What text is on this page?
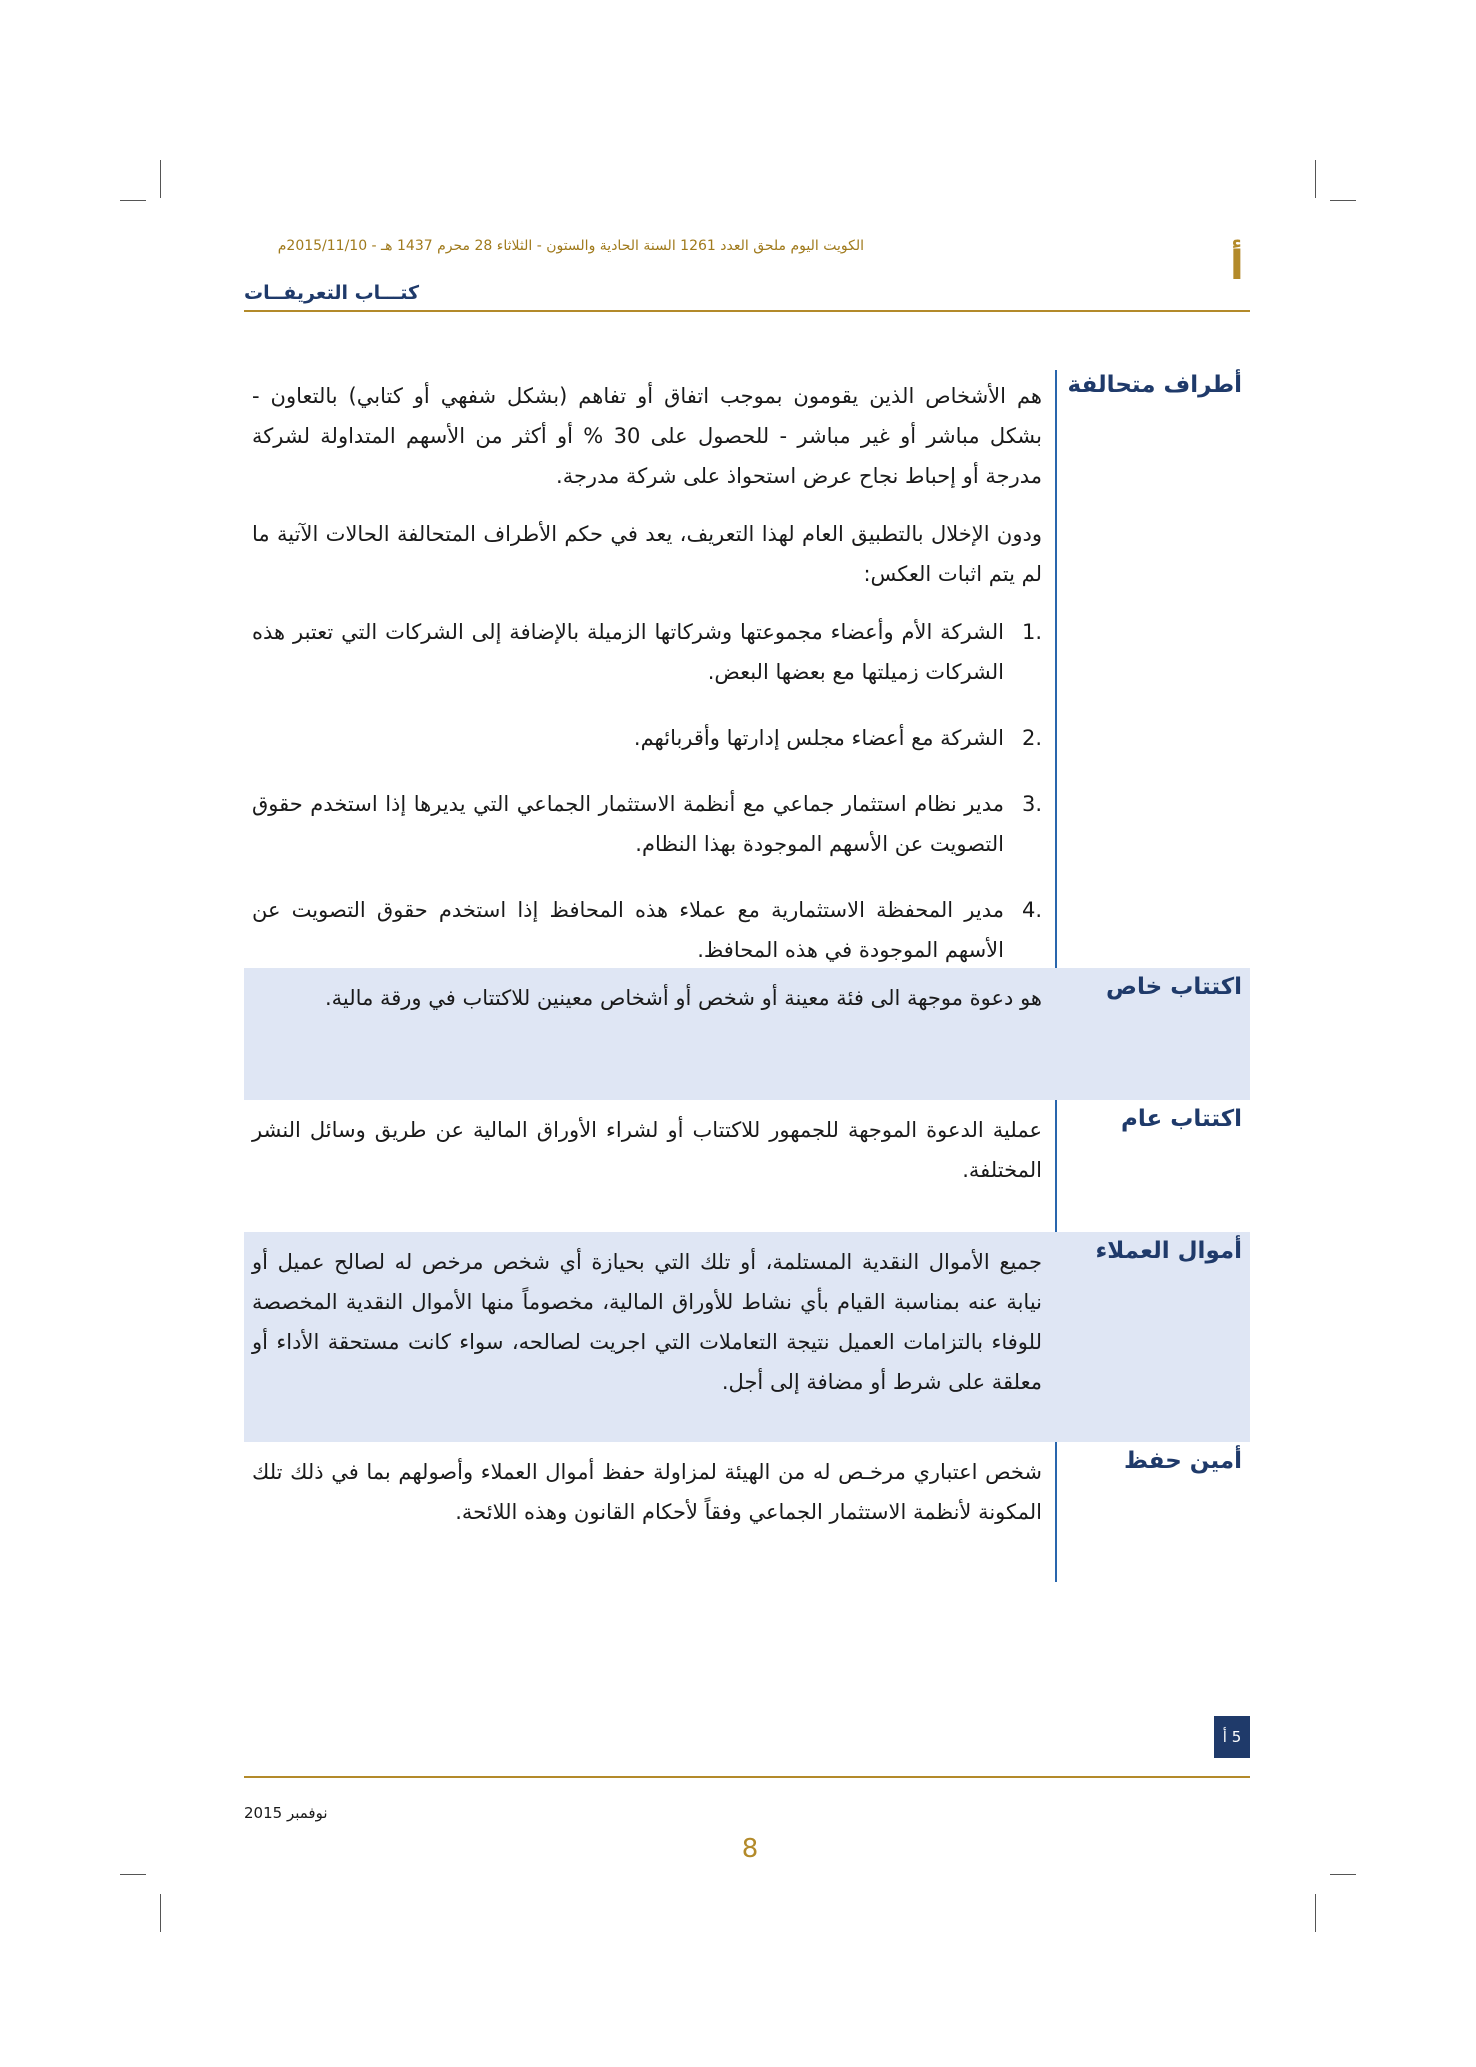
الكويت اليوم ملحق العدد 1261 السنة الحادية والستون - الثلاثاء 28 محرم 1437 هـ - 2015/11/10م	أ
كتـــاب التعريفــات
أطراف متحالفة

هم الأشخاص الذين يقومون بموجب اتفاق أو تفاهم (بشكل شفهي أو كتابي) بالتعاون - بشكل مباشر أو غير مباشر - للحصول على 30 % أو أكثر من الأسهم المتداولة لشركة مدرجة أو إحباط نجاح عرض استحواذ على شركة مدرجة.

ودون الإخلال بالتطبيق العام لهذا التعريف، يعد في حكم الأطراف المتحالفة الحالات الآتية ما لم يتم اثبات العكس:

1.
الشركة الأم وأعضاء مجموعتها وشركاتها الزميلة بالإضافة إلى الشركات التي تعتبر هذه الشركات زميلتها مع بعضها البعض.
2.
الشركة مع أعضاء مجلس إدارتها وأقربائهم.
3.
مدير نظام استثمار جماعي مع أنظمة الاستثمار الجماعي التي يديرها إذا استخدم حقوق التصويت عن الأسهم الموجودة بهذا النظام.
4.
مدير المحفظة الاستثمارية مع عملاء هذه المحافظ إذا استخدم حقوق التصويت عن الأسهم الموجودة في هذه المحافظ.
اكتتاب خاص
هو دعوة موجهة الى فئة معينة أو شخص أو أشخاص معينين للاكتتاب في ورقة مالية.
اكتتاب عام
عملية الدعوة الموجهة للجمهور للاكتتاب أو لشراء الأوراق المالية عن طريق وسائل النشر المختلفة.
أموال العملاء
جميع الأموال النقدية المستلمة، أو تلك التي بحيازة أي شخص مرخص له لصالح عميل أو نيابة عنه بمناسبة القيام بأي نشاط للأوراق المالية، مخصوماً منها الأموال النقدية المخصصة للوفاء بالتزامات العميل نتيجة التعاملات التي اجريت لصالحه، سواء كانت مستحقة الأداء أو معلقة على شرط أو مضافة إلى أجل.
أمين حفظ
شخص اعتباري مرخـص له من الهيئة لمزاولة حفظ أموال العملاء وأصولهم بما في ذلك تلك المكونة لأنظمة الاستثمار الجماعي وفقاً لأحكام القانون وهذه اللائحة.
5 أ
نوفمبر 2015
8
